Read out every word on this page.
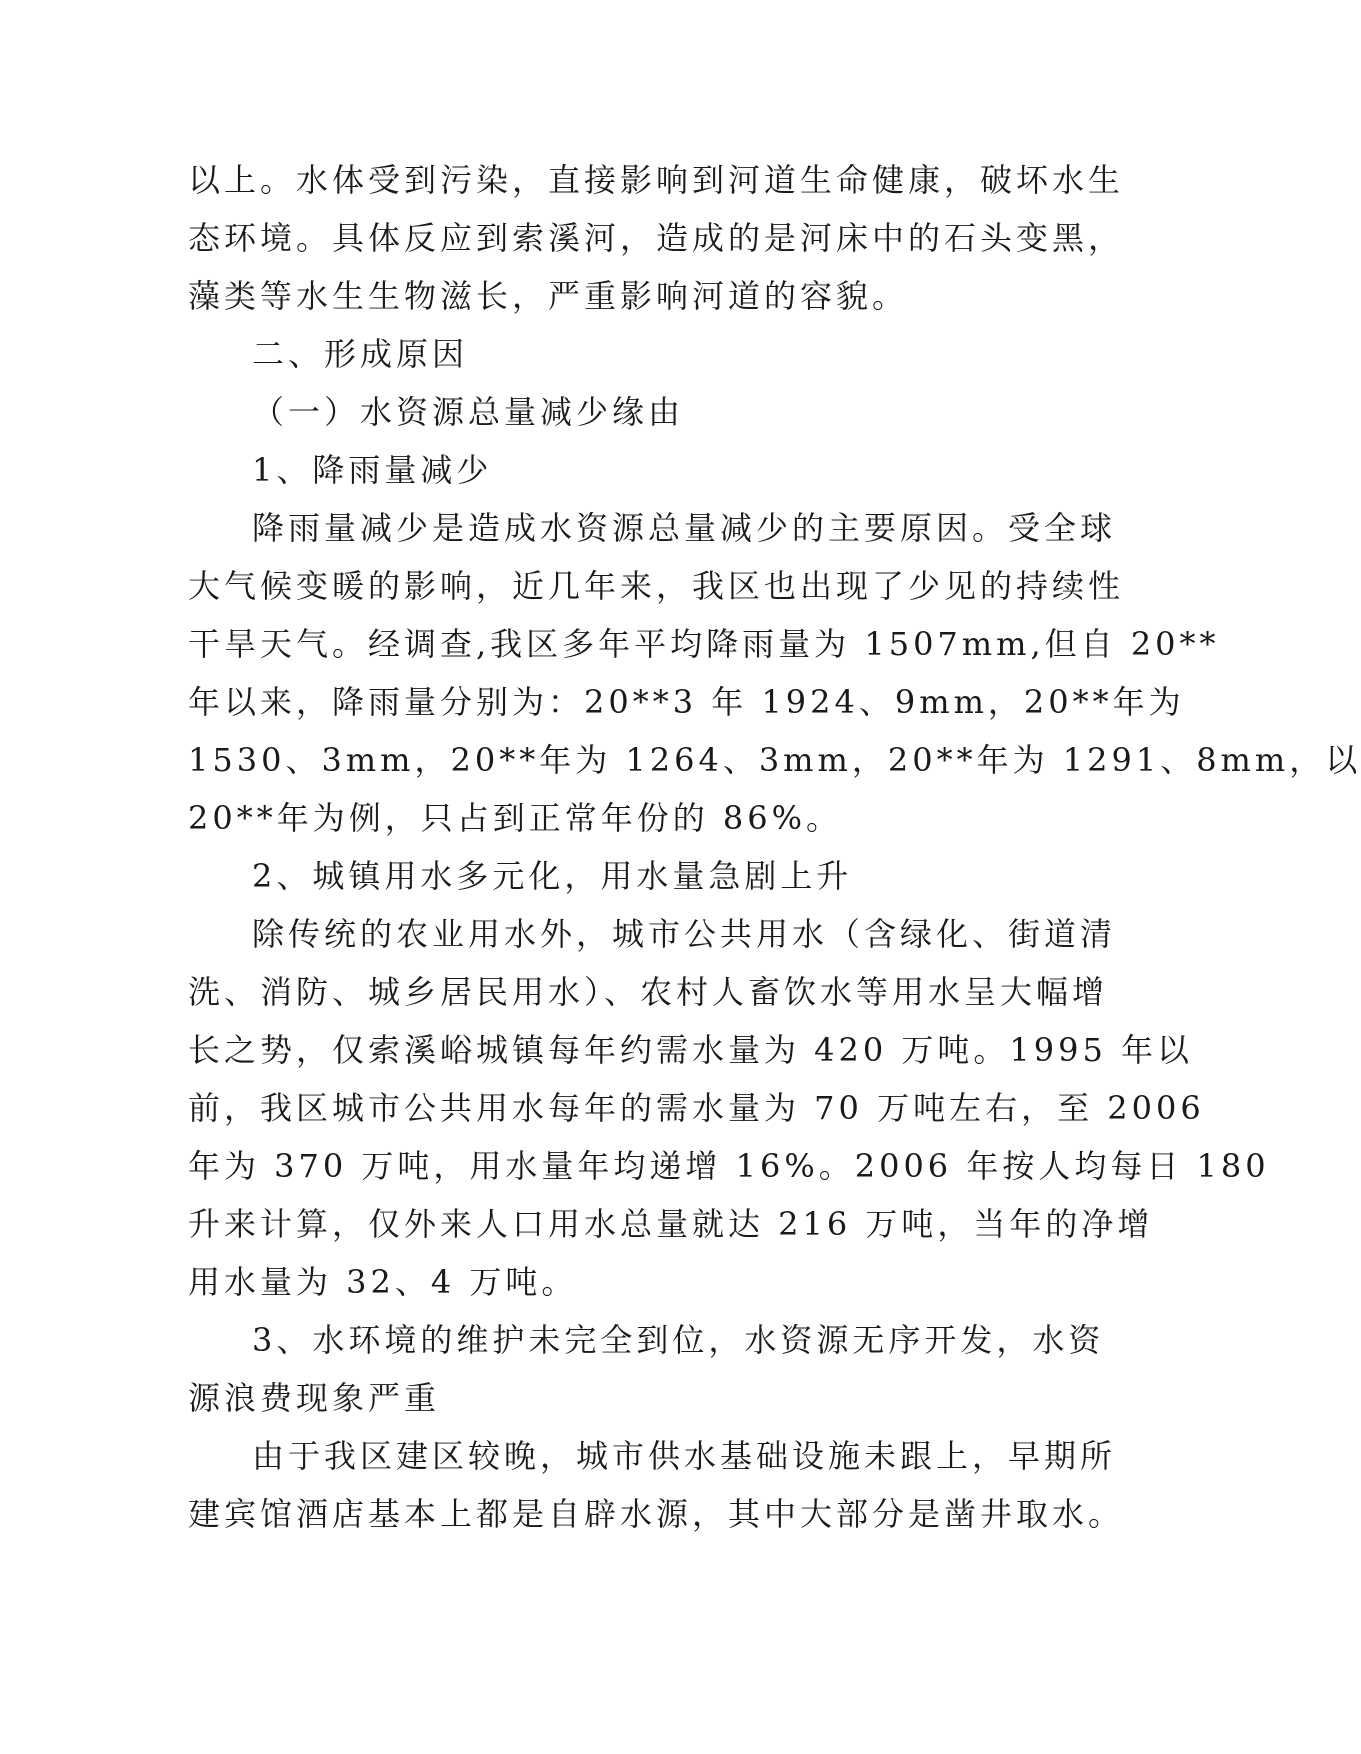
以上。水体受到污染，直接影响到河道生命健康，破坏水生
态环境。具体反应到索溪河，造成的是河床中的石头变黑，
藻类等水生生物滋长，严重影响河道的容貌。
二、形成原因
（一）水资源总量减少缘由
1、降雨量减少
降雨量减少是造成水资源总量减少的主要原因。受全球
大气候变暖的影响，近几年来，我区也出现了少见的持续性
干旱天气。经调查,我区多年平均降雨量为 1507mm,但自 20**
年以来，降雨量分别为：20**3 年 1924、9mm，20**年为
1530、3mm，20**年为 1264、3mm，20**年为 1291、8mm，以
20**年为例，只占到正常年份的 86%。
2、城镇用水多元化，用水量急剧上升
除传统的农业用水外，城市公共用水（含绿化、街道清
洗、消防、城乡居民用水）、农村人畜饮水等用水呈大幅增
长之势，仅索溪峪城镇每年约需水量为 420 万吨。1995 年以
前，我区城市公共用水每年的需水量为 70 万吨左右，至 2006
年为 370 万吨，用水量年均递增 16%。2006 年按人均每日 180
升来计算，仅外来人口用水总量就达 216 万吨，当年的净增
用水量为 32、4 万吨。
3、水环境的维护未完全到位，水资源无序开发，水资
源浪费现象严重
由于我区建区较晚，城市供水基础设施未跟上，早期所
建宾馆酒店基本上都是自辟水源，其中大部分是凿井取水。
